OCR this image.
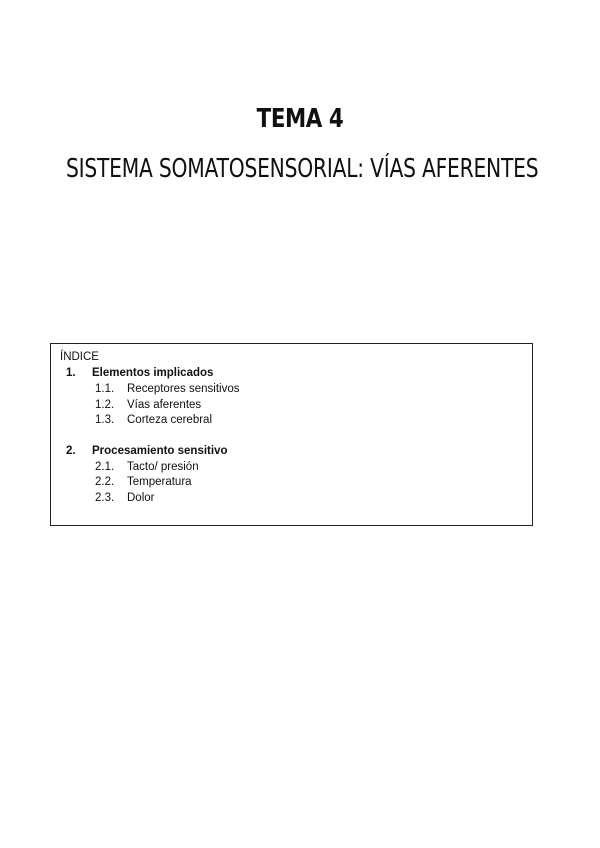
TEMA 4
SISTEMA SOMATOSENSORIAL: VÍAS AFERENTES

ÍNDICE

1. Elementos implicados
1.1. Receptores sensitivos
1.2. Vías aferentes
1.3. Corteza cerebral
2. Procesamiento sensitivo
2.1. Tacto/ presión
2.2. Temperatura
2.3. Dolor
